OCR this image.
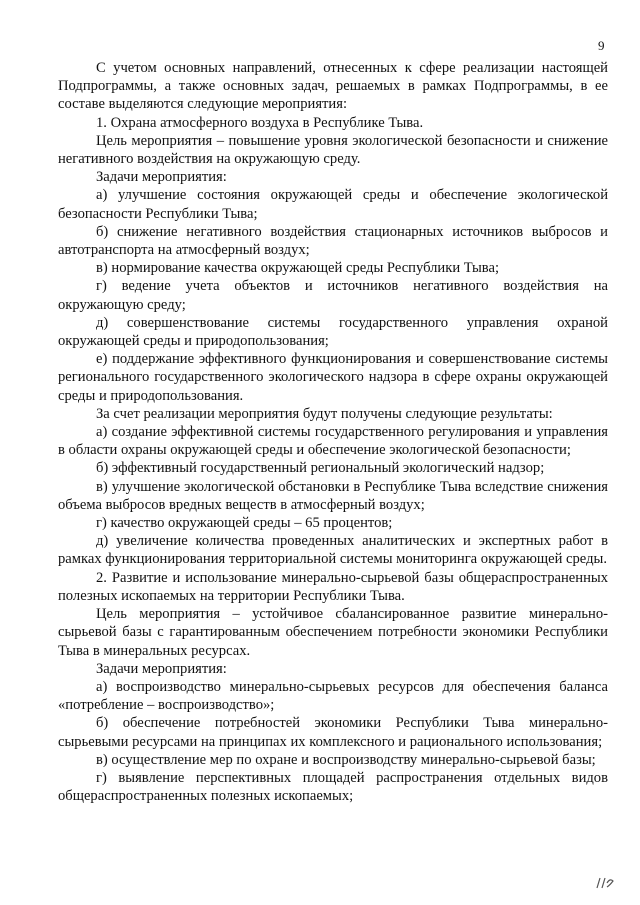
9

С учетом основных направлений, отнесенных к сфере реализации настоящей Подпрограммы, а также основных задач, решаемых в рамках Подпрограммы, в ее составе выделяются следующие мероприятия:

1. Охрана атмосферного воздуха в Республике Тыва.

Цель мероприятия – повышение уровня экологической безопасности и снижение негативного воздействия на окружающую среду.

Задачи мероприятия:

а) улучшение состояния окружающей среды и обеспечение экологической безопасности Республики Тыва;

б) снижение негативного воздействия стационарных источников выбросов и автотранспорта на атмосферный воздух;

в) нормирование качества окружающей среды Республики Тыва;

г) ведение учета объектов и источников негативного воздействия на окружающую среду;

д) совершенствование системы государственного управления охраной окружающей среды и природопользования;

е) поддержание эффективного функционирования и совершенствование системы регионального государственного экологического надзора в сфере охраны окружающей среды и природопользования.

За счет реализации мероприятия будут получены следующие результаты:

а) создание эффективной системы государственного регулирования и управления в области охраны окружающей среды и обеспечение экологической безопасности;

б) эффективный государственный региональный экологический надзор;

в) улучшение экологической обстановки в Республике Тыва вследствие снижения объема выбросов вредных веществ в атмосферный воздух;

г) качество окружающей среды – 65 процентов;

д) увеличение количества проведенных аналитических и экспертных работ в рамках функционирования территориальной системы мониторинга окружающей среды.

2. Развитие и использование минерально-сырьевой базы общераспространенных полезных ископаемых на территории Республики Тыва.

Цель мероприятия – устойчивое сбалансированное развитие минерально-сырьевой базы с гарантированным обеспечением потребности экономики Республики Тыва в минеральных ресурсах.

Задачи мероприятия:

а) воспроизводство минерально-сырьевых ресурсов для обеспечения баланса «потребление – воспроизводство»;

б) обеспечение потребностей экономики Республики Тыва минерально-сырьевыми ресурсами на принципах их комплексного и рационального использования;

в) осуществление мер по охране и воспроизводству минерально-сырьевой базы;

г) выявление перспективных площадей распространения отдельных видов общераспространенных полезных ископаемых;
